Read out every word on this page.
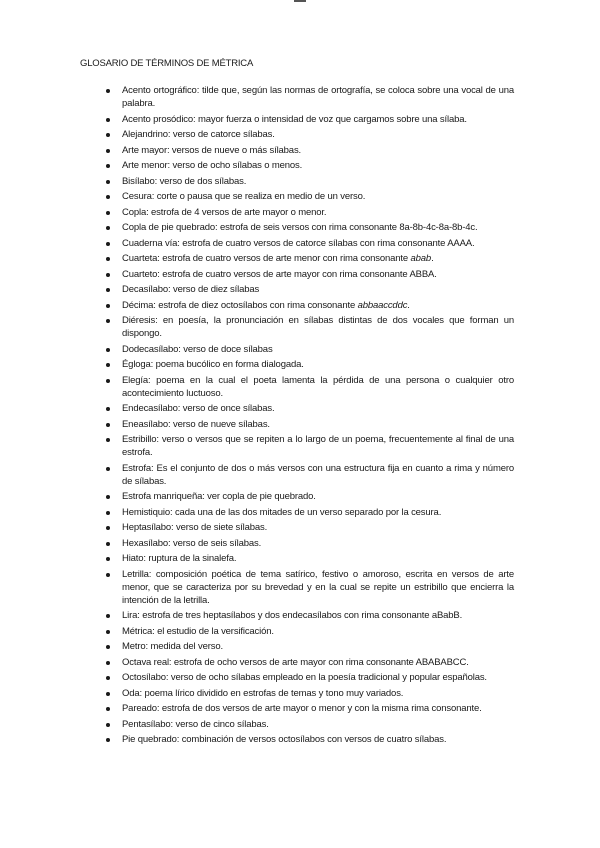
GLOSARIO DE TÉRMINOS DE MÉTRICA
Acento ortográfico: tilde que, según las normas de ortografía, se coloca sobre una vocal de una palabra.
Acento prosódico: mayor fuerza o intensidad de voz que cargamos sobre una sílaba.
Alejandrino: verso de catorce sílabas.
Arte mayor: versos de nueve o más sílabas.
Arte menor: verso de ocho sílabas o menos.
Bisílabo: verso de dos sílabas.
Cesura: corte o pausa que se realiza en medio de un verso.
Copla: estrofa de 4 versos de arte mayor o menor.
Copla de pie quebrado: estrofa de seis versos con rima consonante 8a-8b-4c-8a-8b-4c.
Cuaderna vía: estrofa de cuatro versos de catorce sílabas con rima consonante AAAA.
Cuarteta: estrofa de cuatro versos de arte menor con rima consonante abab.
Cuarteto: estrofa de cuatro versos de arte mayor con rima consonante ABBA.
Decasílabo: verso de diez sílabas
Décima: estrofa de diez octosílabos con rima consonante abbaaccddc.
Diéresis: en poesía, la pronunciación en sílabas distintas de dos vocales que forman un dispongo.
Dodecasílabo: verso de doce sílabas
Égloga: poema bucólico en forma dialogada.
Elegía: poema en la cual el poeta lamenta la pérdida de una persona o cualquier otro acontecimiento luctuoso.
Endecasílabo: verso de once sílabas.
Eneasílabo: verso de nueve sílabas.
Estribillo: verso o versos que se repiten a lo largo de un poema, frecuentemente al final de una estrofa.
Estrofa: Es el conjunto de dos o más versos con una estructura fija en cuanto a rima y número de sílabas.
Estrofa manriqueña: ver copla de pie quebrado.
Hemistiquio: cada una de las dos mitades de un verso separado por la cesura.
Heptasílabo: verso de siete sílabas.
Hexasílabo: verso de seis sílabas.
Hiato: ruptura de la sinalefa.
Letrilla: composición poética de tema satírico, festivo o amoroso, escrita en versos de arte menor, que se caracteriza por su brevedad y en la cual se repite un estribillo que encierra la intención de la letrilla.
Lira: estrofa de tres heptasílabos y dos endecasílabos con rima consonante aBabB.
Métrica: el estudio de la versificación.
Metro: medida del verso.
Octava real: estrofa de ocho versos de arte mayor con rima consonante ABABABCC.
Octosílabo: verso de ocho sílabas empleado en la poesía tradicional y popular españolas.
Oda: poema lírico dividido en estrofas de temas y tono muy variados.
Pareado: estrofa de dos versos de arte mayor o menor y con la misma rima consonante.
Pentasílabo: verso de cinco sílabas.
Pie quebrado: combinación de versos octosílabos con versos de cuatro sílabas.
